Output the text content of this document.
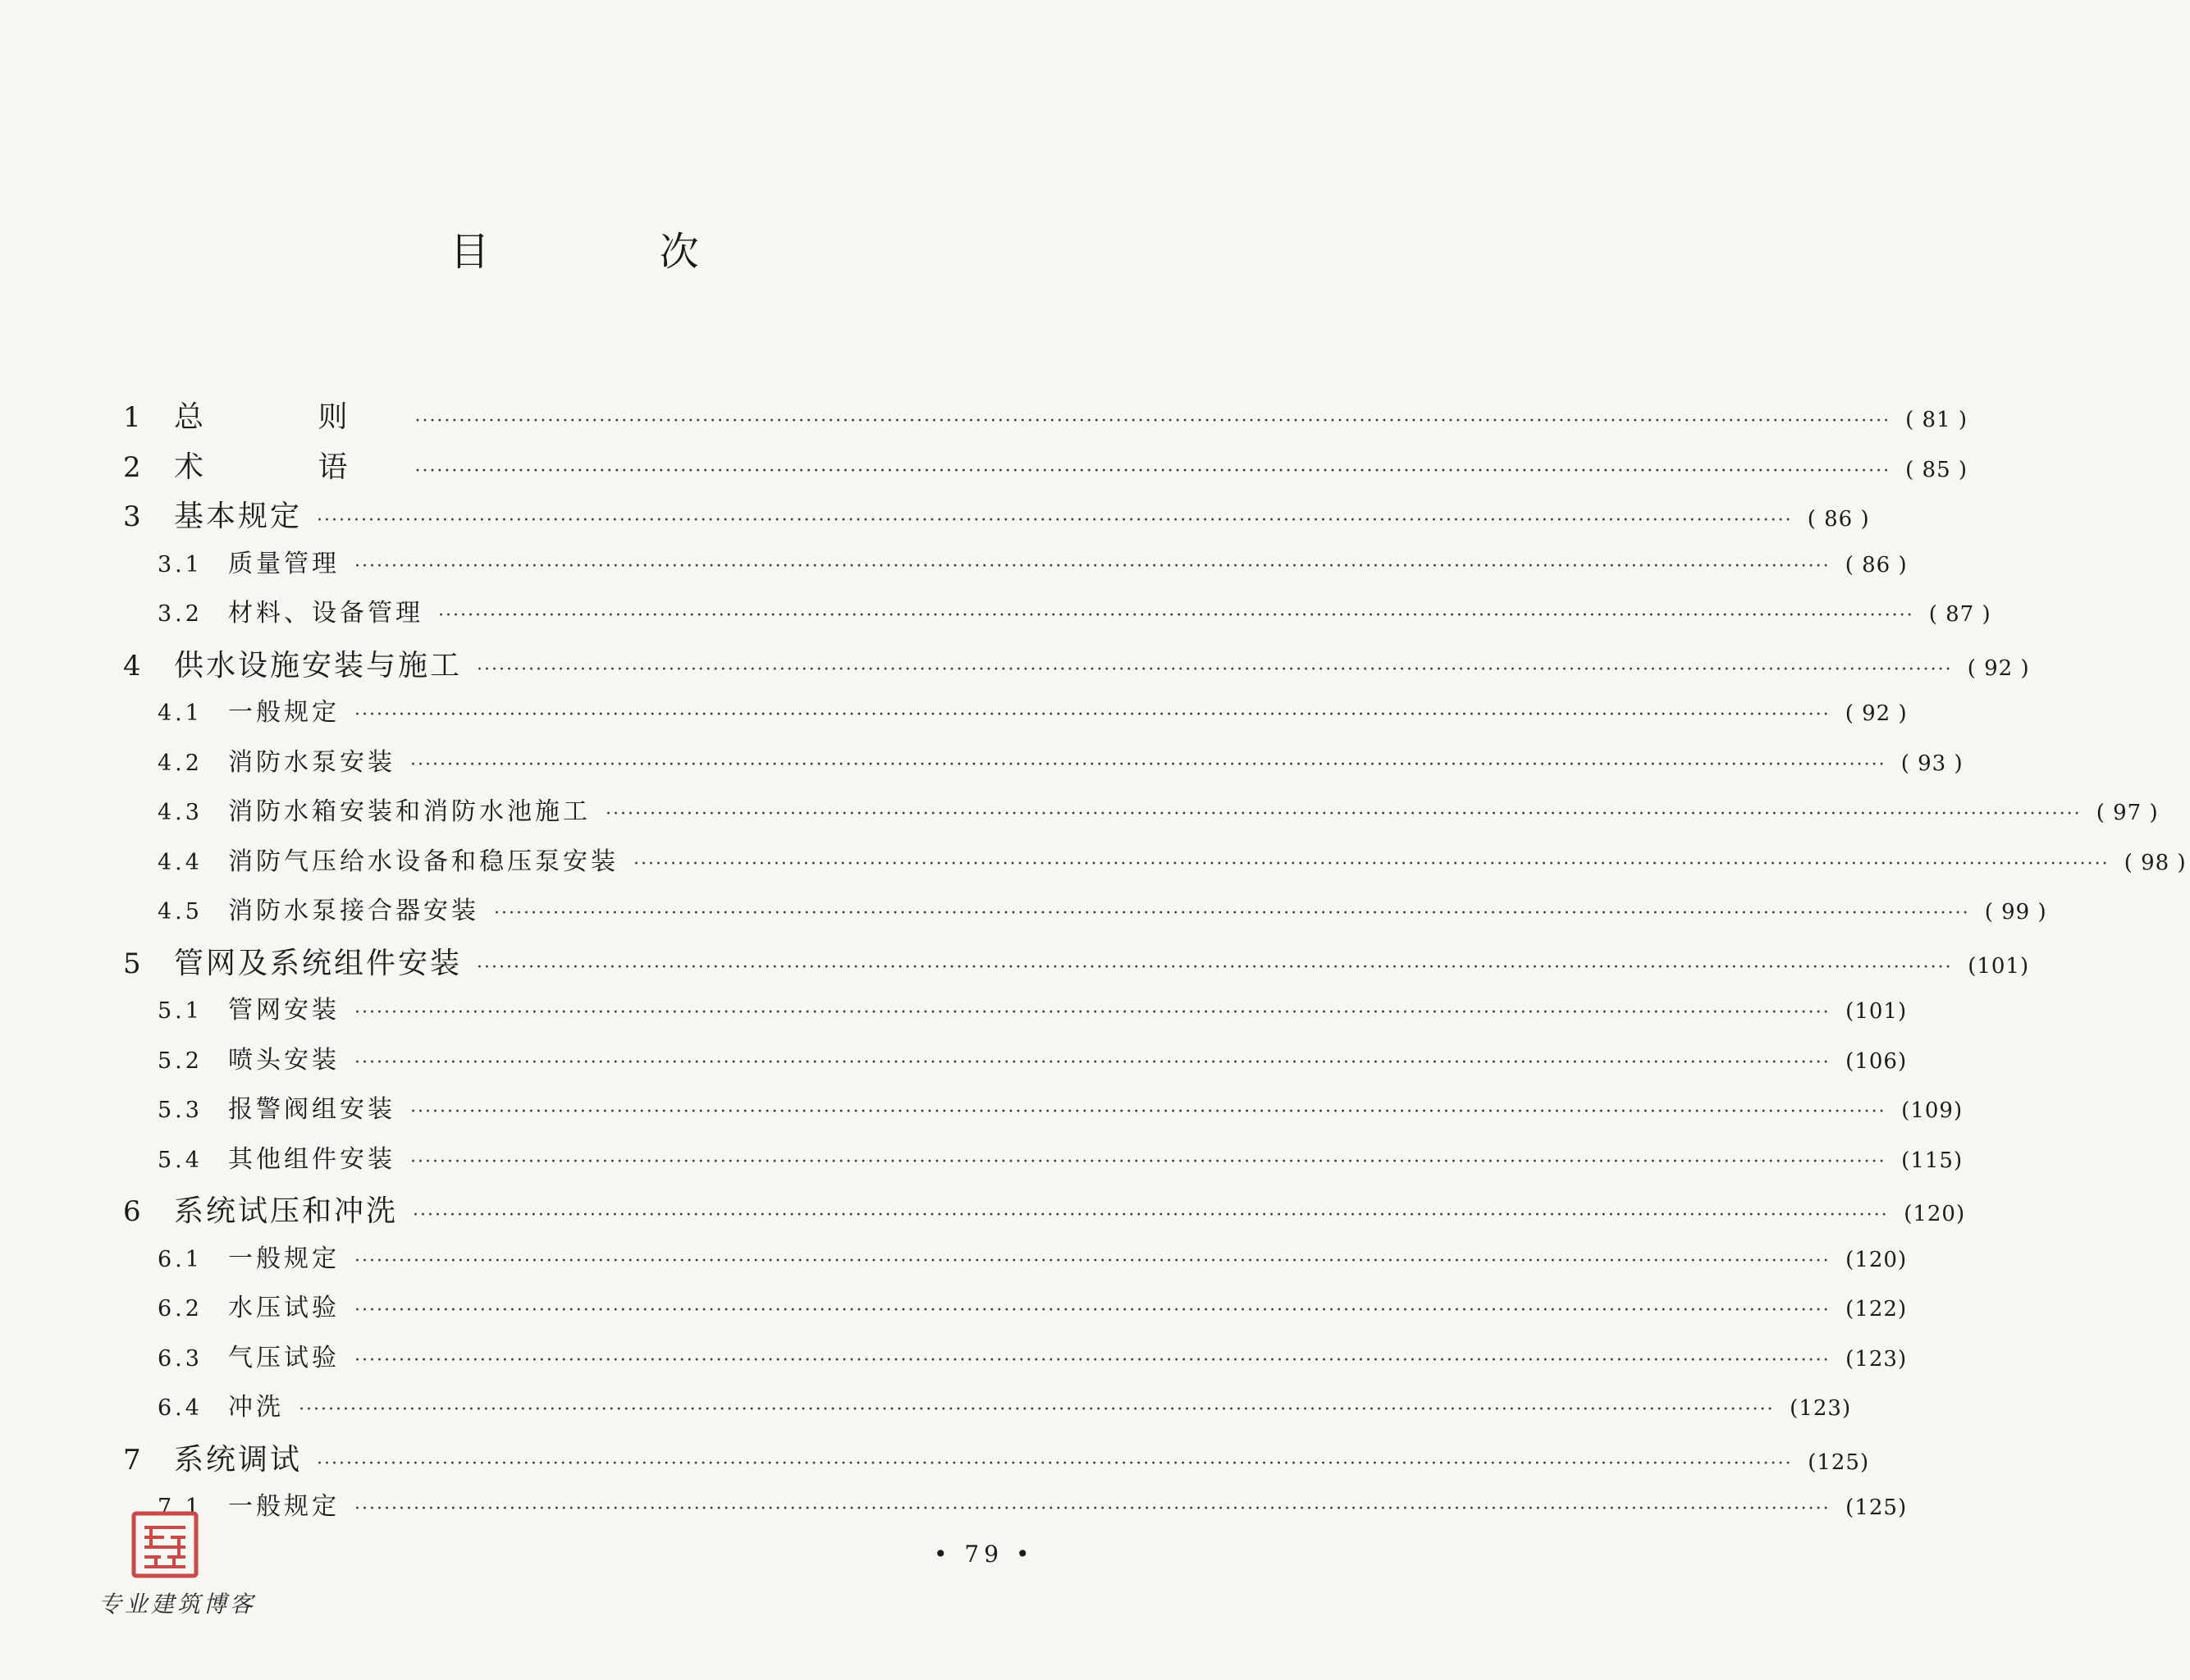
目 次
1	总 则 ········································································································································································································ ( 81 )
2	术 语 ········································································································································································································ ( 85 )
3	基本规定 ········································································································································································································ ( 86 )
3.1	质量管理 ········································································································································································································ ( 86 )
3.2	材料、设备管理 ········································································································································································································ ( 87 )
4	供水设施安装与施工 ········································································································································································································ ( 92 )
4.1	一般规定 ········································································································································································································ ( 92 )
4.2	消防水泵安装 ········································································································································································································ ( 93 )
4.3	消防水箱安装和消防水池施工 ········································································································································································································ ( 97 )
4.4	消防气压给水设备和稳压泵安装 ········································································································································································································ ( 98 )
4.5	消防水泵接合器安装 ········································································································································································································ ( 99 )
5	管网及系统组件安装 ········································································································································································································ (101)
5.1	管网安装 ········································································································································································································ (101)
5.2	喷头安装 ········································································································································································································ (106)
5.3	报警阀组安装 ········································································································································································································ (109)
5.4	其他组件安装 ········································································································································································································ (115)
6	系统试压和冲洗 ········································································································································································································ (120)
6.1	一般规定 ········································································································································································································ (120)
6.2	水压试验 ········································································································································································································ (122)
6.3	气压试验 ········································································································································································································ (123)
6.4	冲洗 ········································································································································································································ (123)
7	系统调试 ········································································································································································································ (125)
7.1	一般规定 ········································································································································································································ (125)
• 79 •
专业建筑博客
